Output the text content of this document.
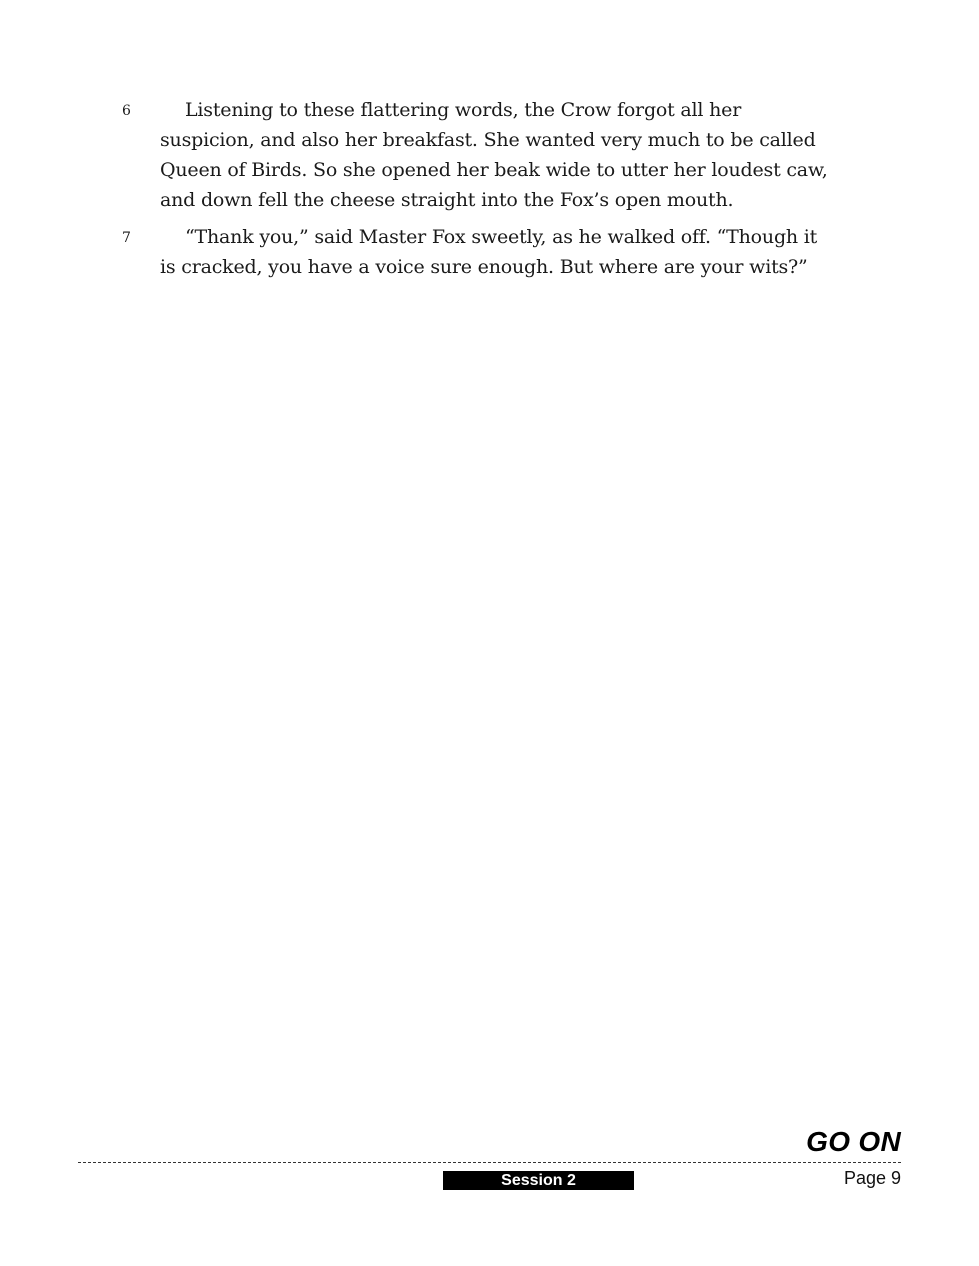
6	Listening to these flattering words, the Crow forgot all her suspicion, and also her breakfast. She wanted very much to be called Queen of Birds. So she opened her beak wide to utter her loudest caw, and down fell the cheese straight into the Fox’s open mouth.
7	“Thank you,” said Master Fox sweetly, as he walked off. “Though it is cracked, you have a voice sure enough. But where are your wits?”
GO ON
Session 2	Page 9
